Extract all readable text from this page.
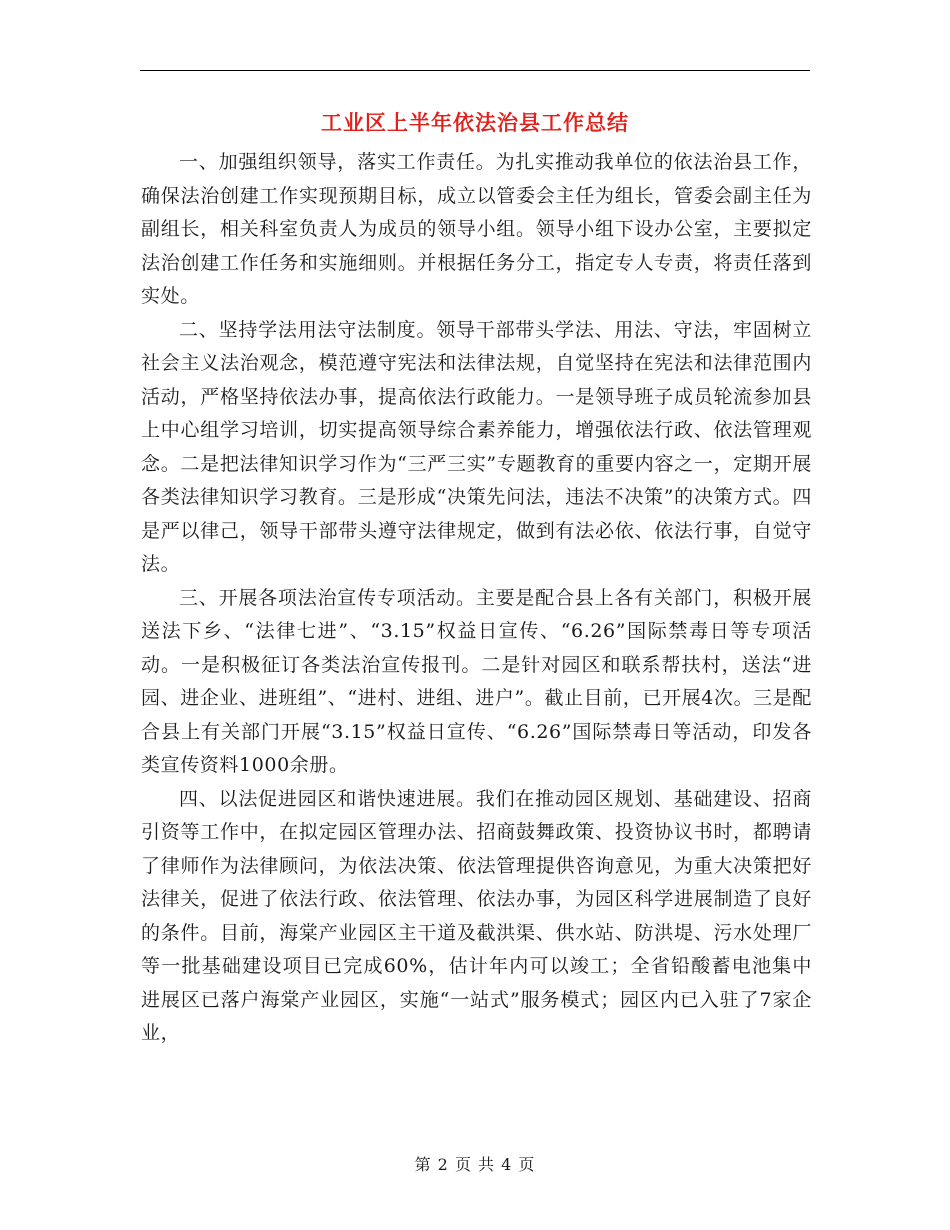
工业区上半年依法治县工作总结

一、加强组织领导，落实工作责任。为扎实推动我单位的依法治县工作，确保法治创建工作实现预期目标，成立以管委会主任为组长，管委会副主任为副组长，相关科室负责人为成员的领导小组。领导小组下设办公室，主要拟定法治创建工作任务和实施细则。并根据任务分工，指定专人专责，将责任落到实处。

二、坚持学法用法守法制度。领导干部带头学法、用法、守法，牢固树立社会主义法治观念，模范遵守宪法和法律法规，自觉坚持在宪法和法律范围内活动，严格坚持依法办事，提高依法行政能力。一是领导班子成员轮流参加县上中心组学习培训，切实提高领导综合素养能力，增强依法行政、依法管理观念。二是把法律知识学习作为“三严三实”专题教育的重要内容之一，定期开展各类法律知识学习教育。三是形成“决策先问法，违法不决策”的决策方式。四是严以律己，领导干部带头遵守法律规定，做到有法必依、依法行事，自觉守法。

三、开展各项法治宣传专项活动。主要是配合县上各有关部门，积极开展送法下乡、“法律七进”、“3.15”权益日宣传、“6.26”国际禁毒日等专项活动。一是积极征订各类法治宣传报刊。二是针对园区和联系帮扶村，送法“进园、进企业、进班组”、“进村、进组、进户”。截止目前，已开展4次。三是配合县上有关部门开展“3.15”权益日宣传、“6.26”国际禁毒日等活动，印发各类宣传资料1000余册。

四、以法促进园区和谐快速进展。我们在推动园区规划、基础建设、招商引资等工作中，在拟定园区管理办法、招商鼓舞政策、投资协议书时，都聘请了律师作为法律顾问，为依法决策、依法管理提供咨询意见，为重大决策把好法律关，促进了依法行政、依法管理、依法办事，为园区科学进展制造了良好的条件。目前，海棠产业园区主干道及截洪渠、供水站、防洪堤、污水处理厂等一批基础建设项目已完成60%，估计年内可以竣工；全省铅酸蓄电池集中进展区已落户海棠产业园区，实施“一站式”服务模式；园区内已入驻了7家企业，

第 2 页 共 4 页
